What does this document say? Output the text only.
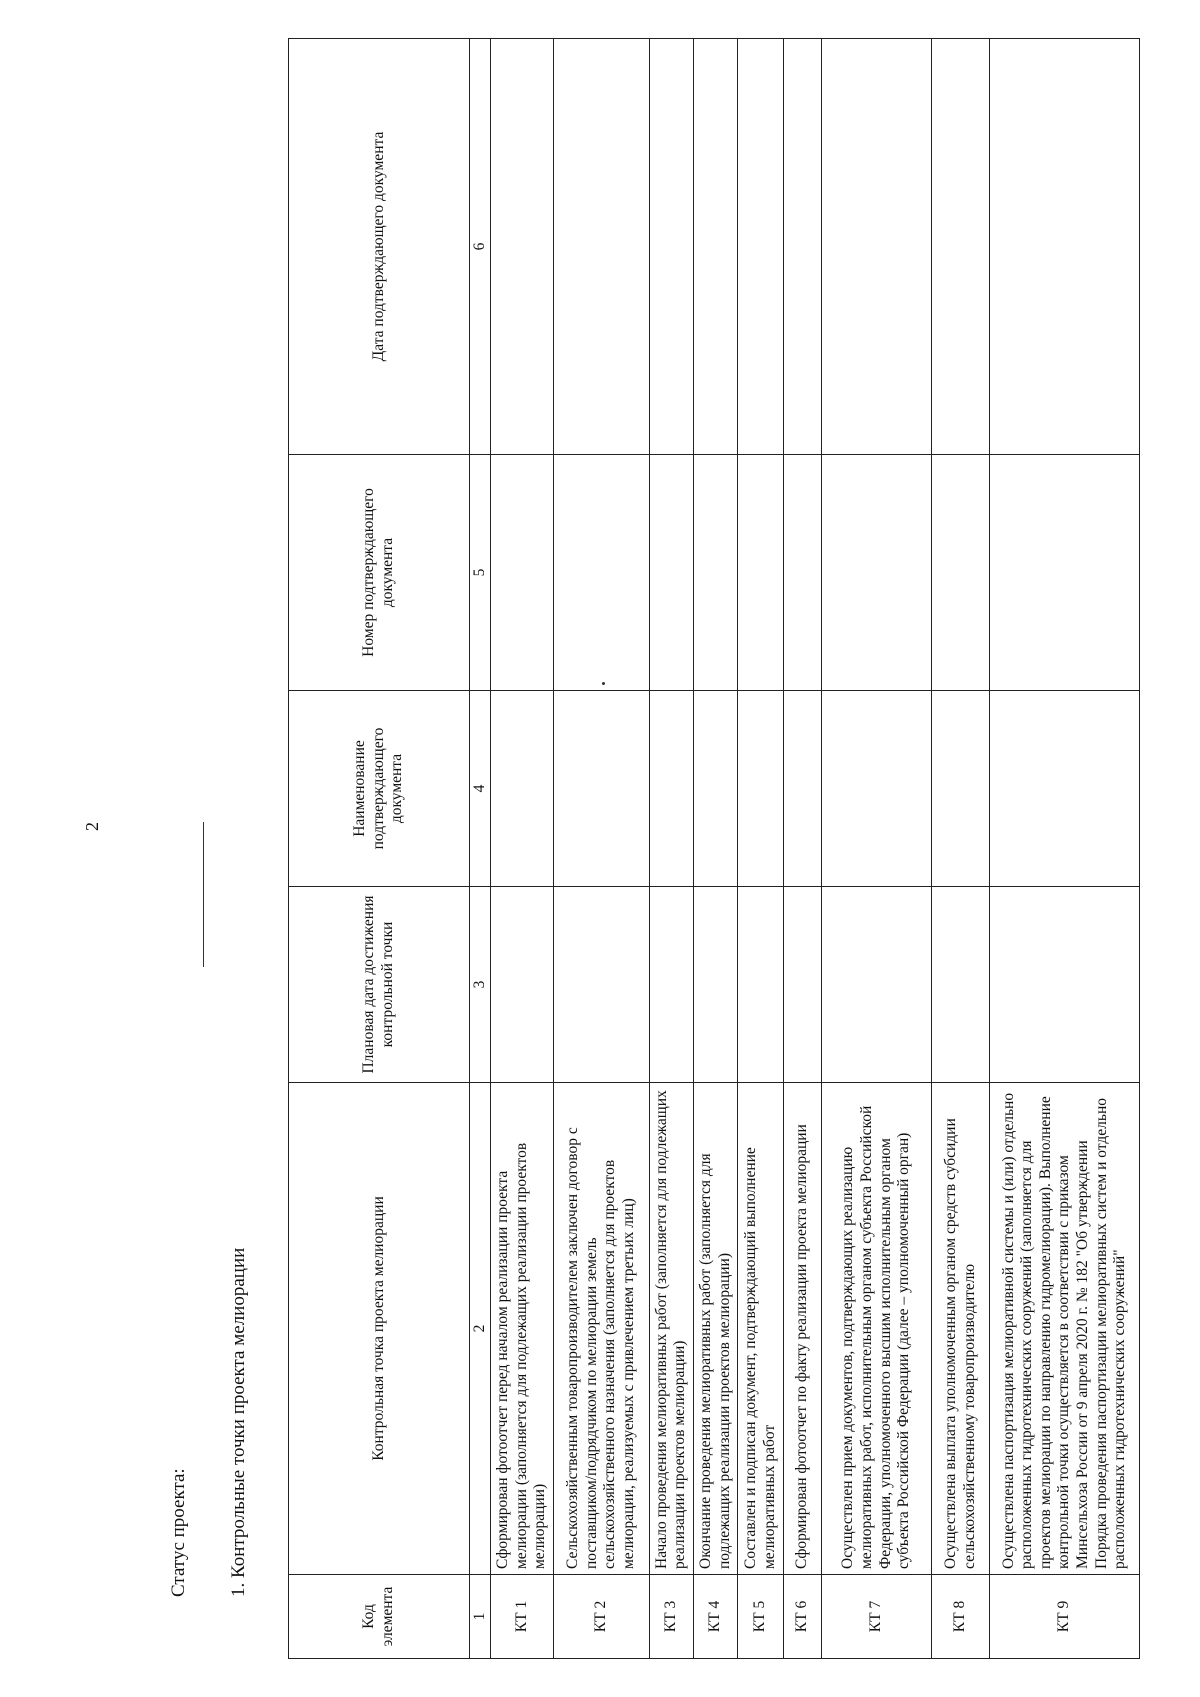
2
Статус проекта: 1. Контрольные точки проекта мелиорации
Код элемента	Контрольная точка проекта мелиорации	Плановая дата достижения контрольной точки	Наименование подтверждающего документа	Номер подтверждающего документа	Дата подтверждающего документа
1	2	3	4	5	6
КТ 1	Сформирован фотоотчет перед началом реализации проекта мелиорации (заполняется для подлежащих реализации проектов мелиорации)				
КТ 2	Сельскохозяйственным товаропроизводителем заключен договор с поставщиком/подрядчиком по мелиорации земель сельскохозяйственного назначения (заполняется для проектов мелиорации, реализуемых с привлечением третьих лиц)				
КТ 3	Начало проведения мелиоративных работ (заполняется для подлежащих реализации проектов мелиорации)				
КТ 4	Окончание проведения мелиоративных работ (заполняется для подлежащих реализации проектов мелиорации)				
КТ 5	Составлен и подписан документ, подтверждающий выполнение мелиоративных работ				
КТ 6	Сформирован фотоотчет по факту реализации проекта мелиорации				
КТ 7	Осуществлен прием документов, подтверждающих реализацию мелиоративных работ, исполнительным органом субъекта Российской Федерации, уполномоченного высшим исполнительным органом субъекта Российской Федерации (далее – уполномоченный орган)				
КТ 8	Осуществлена выплата уполномоченным органом средств субсидии сельскохозяйственному товаропроизводителю				
КТ 9	Осуществлена паспортизация мелиоративной системы и (или) отдельно расположенных гидротехнических сооружений (заполняется для проектов мелиорации по направлению гидромелиорации). Выполнение контрольной точки осуществляется в соответствии с приказом Минсельхоза России от 9 апреля 2020 г. № 182 "Об утверждении Порядка проведения паспортизации мелиоративных систем и отдельно расположенных гидротехнических сооружений"				
